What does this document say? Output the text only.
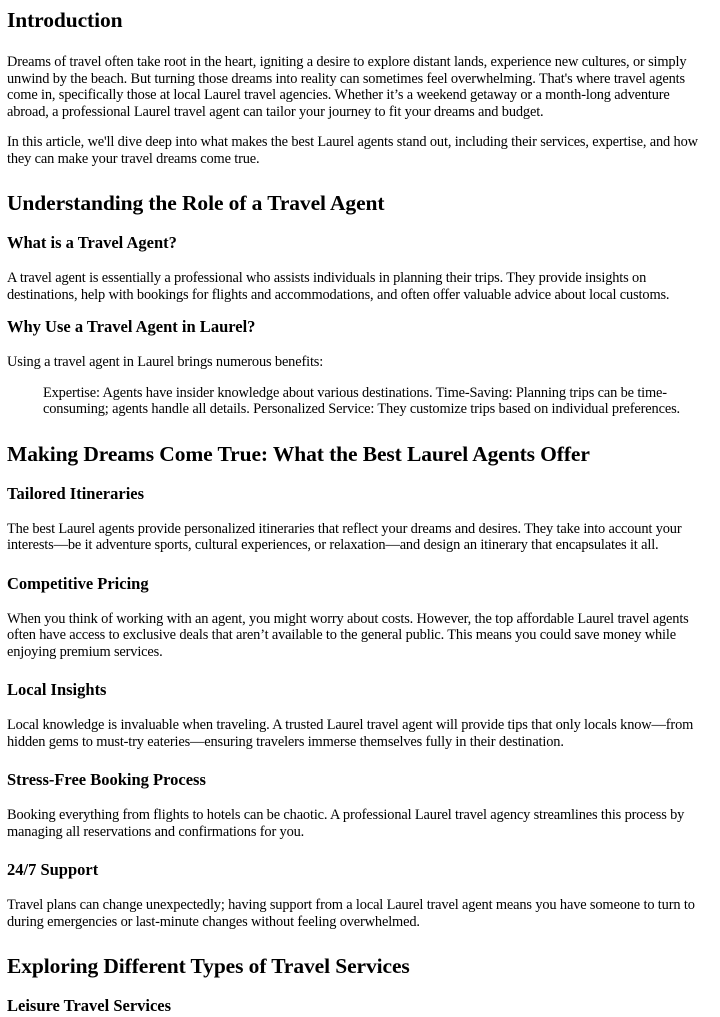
Introduction

Dreams of travel often take root in the heart, igniting a desire to explore distant lands, experience new cultures, or simply unwind by the beach. But turning those dreams into reality can sometimes feel overwhelming. That's where travel agents come in, specifically those at local Laurel travel agencies. Whether it’s a weekend getaway or a month-long adventure abroad, a professional Laurel travel agent can tailor your journey to fit your dreams and budget.

In this article, we'll dive deep into what makes the best Laurel agents stand out, including their services, expertise, and how they can make your travel dreams come true.

Understanding the Role of a Travel Agent
What is a Travel Agent?

A travel agent is essentially a professional who assists individuals in planning their trips. They provide insights on destinations, help with bookings for flights and accommodations, and often offer valuable advice about local customs.

Why Use a Travel Agent in Laurel?

Using a travel agent in Laurel brings numerous benefits:

Expertise: Agents have insider knowledge about various destinations. Time-Saving: Planning trips can be time-consuming; agents handle all details. Personalized Service: They customize trips based on individual preferences.
Making Dreams Come True: What the Best Laurel Agents Offer
Tailored Itineraries

The best Laurel agents provide personalized itineraries that reflect your dreams and desires. They take into account your interests—be it adventure sports, cultural experiences, or relaxation—and design an itinerary that encapsulates it all.

Competitive Pricing

When you think of working with an agent, you might worry about costs. However, the top affordable Laurel travel agents often have access to exclusive deals that aren’t available to the general public. This means you could save money while enjoying premium services.

Local Insights

Local knowledge is invaluable when traveling. A trusted Laurel travel agent will provide tips that only locals know—from hidden gems to must-try eateries—ensuring travelers immerse themselves fully in their destination.

Stress-Free Booking Process

Booking everything from flights to hotels can be chaotic. A professional Laurel travel agency streamlines this process by managing all reservations and confirmations for you.

24/7 Support

Travel plans can change unexpectedly; having support from a local Laurel travel agent means you have someone to turn to during emergencies or last-minute changes without feeling overwhelmed.

Exploring Different Types of Travel Services
Leisure Travel Services
